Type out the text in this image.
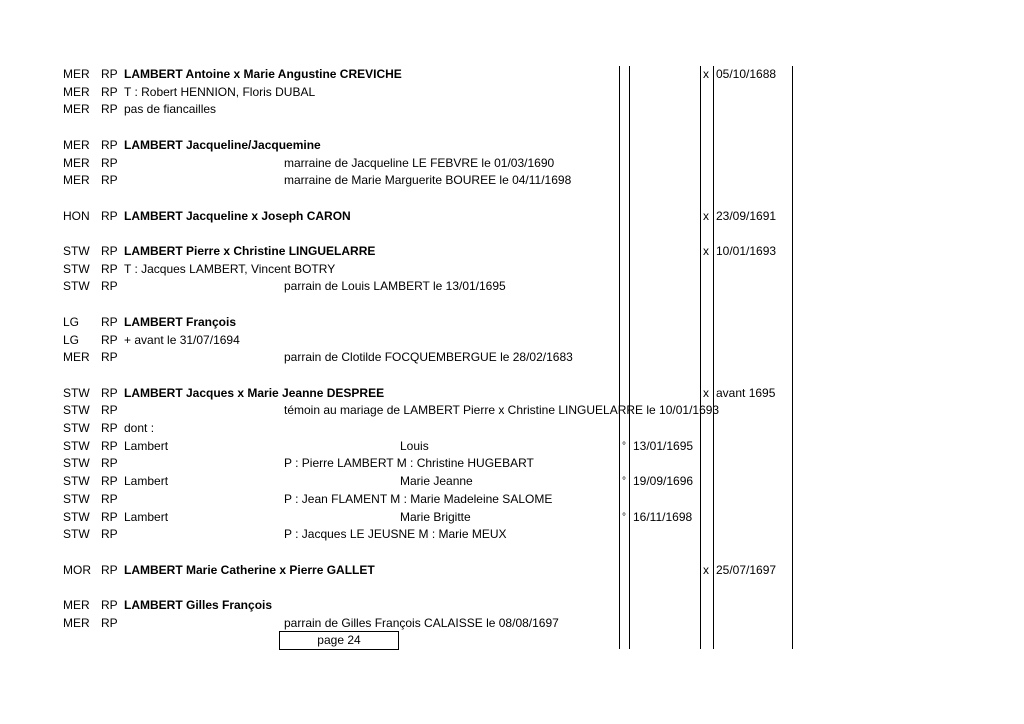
MER RP LAMBERT Antoine x Marie Angustine CREVICHE	x 05/10/1688
MER RP T : Robert HENNION, Floris DUBAL
MER RP pas de fiancailles
MER RP LAMBERT Jacqueline/Jacquemine
MER RP	marraine de Jacqueline LE FEBVRE le 01/03/1690
MER RP	marraine de Marie Marguerite BOUREE le 04/11/1698
HON RP LAMBERT Jacqueline x Joseph CARON	x 23/09/1691
STW RP LAMBERT Pierre x Christine LINGUELARRE	x 10/01/1693
STW RP T : Jacques LAMBERT, Vincent BOTRY
STW RP	parrain de Louis LAMBERT le 13/01/1695
LG RP LAMBERT François
LG RP + avant le 31/07/1694
MER RP	parrain de Clotilde FOCQUEMBERGUE le 28/02/1683
STW RP LAMBERT Jacques x Marie Jeanne DESPREE	x avant 1695
STW RP	témoin au mariage de LAMBERT Pierre x Christine LINGUELARRE le 10/01/1693
STW RP dont :
STW RP Lambert	Louis	° 13/01/1695
STW RP	P : Pierre LAMBERT M : Christine HUGEBART
STW RP Lambert	Marie Jeanne	° 19/09/1696
STW RP	P : Jean FLAMENT M : Marie Madeleine SALOME
STW RP Lambert	Marie Brigitte	° 16/11/1698
STW RP	P : Jacques LE JEUSNE M : Marie MEUX
MOR RP LAMBERT Marie Catherine x Pierre GALLET	x 25/07/1697
MER RP LAMBERT Gilles François
MER RP	parrain de Gilles François CALAISSE le 08/08/1697
page 24
